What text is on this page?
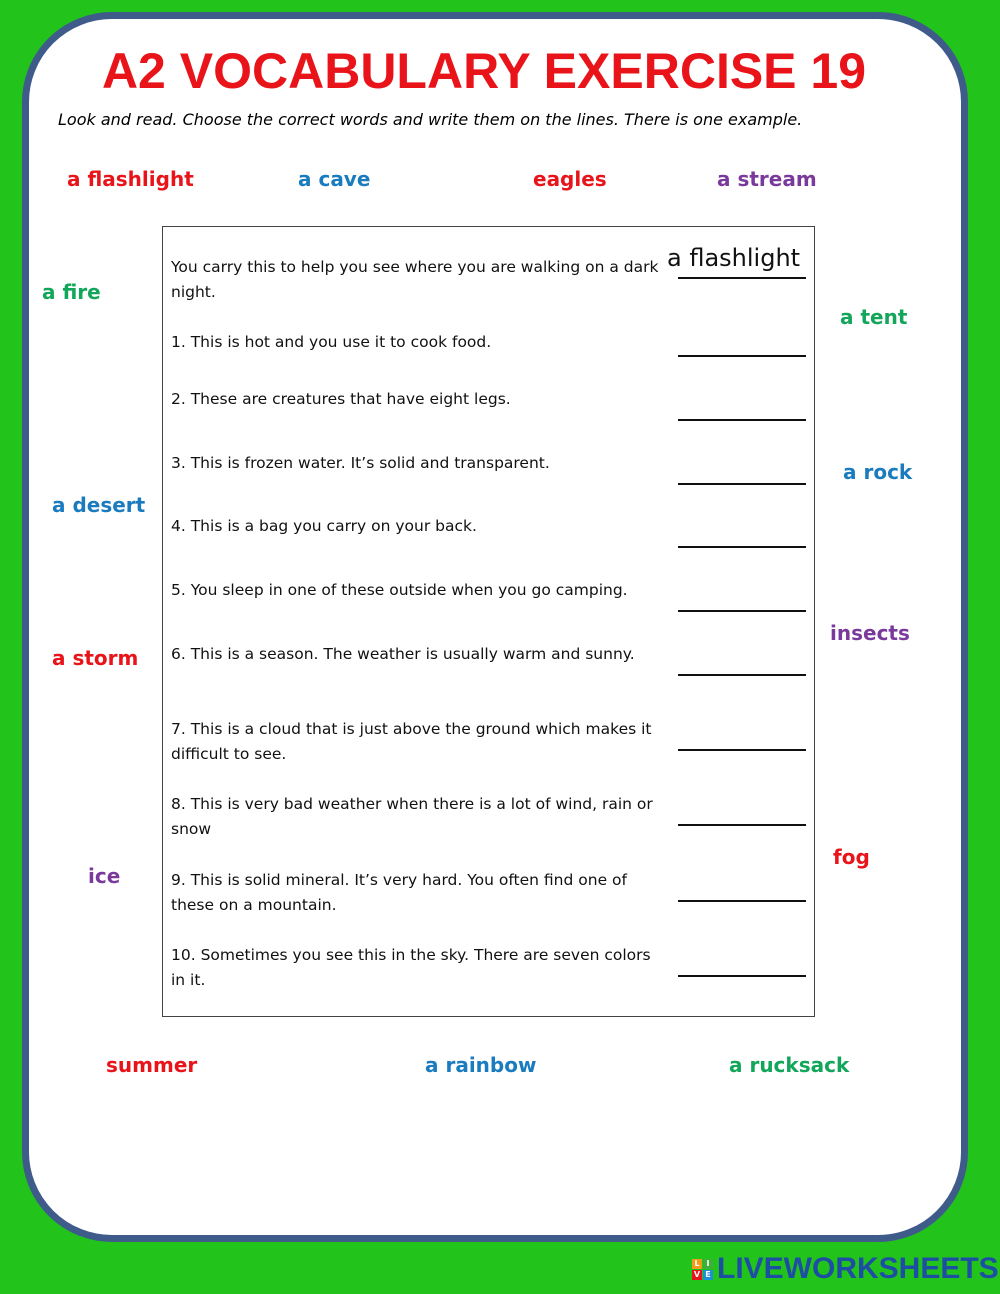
A2 VOCABULARY EXERCISE 19
Look and read. Choose the correct words and write them on the lines. There is one example.
a flashlight	a cave	eagles	a stream
a fire
a tent
a rock
a desert
insects
a storm
fog
ice
summer	a rainbow	a rucksack
You carry this to help you see where you are walking on a dark night.
a flashlight
1. This is hot and you use it to cook food.
2. These are creatures that have eight legs.
3. This is frozen water. It’s solid and transparent.
4. This is a bag you carry on your back.
5. You sleep in one of these outside when you go camping.
6. This is a season. The weather is usually warm and sunny.
7. This is a cloud that is just above the ground which makes it difficult to see.
8. This is very bad weather when there is a lot of wind, rain or snow
9. This is solid mineral. It’s very hard. You often find one of these on a mountain.
10. Sometimes you see this in the sky. There are seven colors in it.
L I
V E LIVEWORKSHEETS
